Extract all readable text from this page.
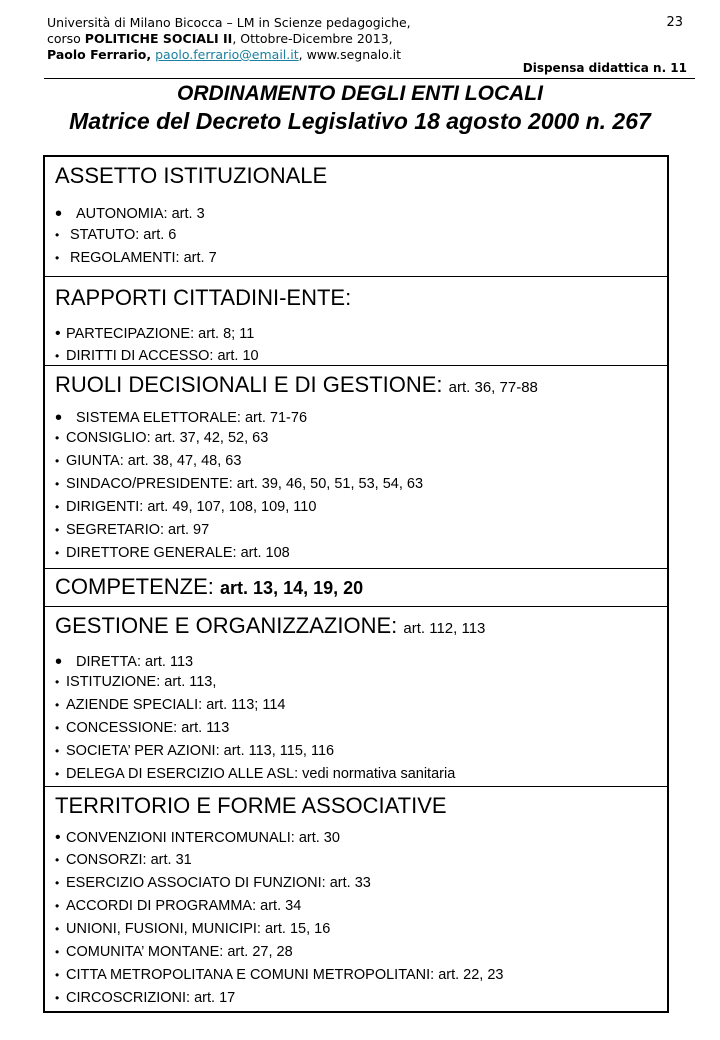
Università di Milano Bicocca – LM in Scienze pedagogiche,
corso POLITICHE SOCIALI II, Ottobre-Dicembre 2013,
Paolo Ferrario, paolo.ferrario@email.it, www.segnalo.it
23
Dispensa didattica n. 11
ORDINAMENTO DEGLI ENTI LOCALI
Matrice del Decreto Legislativo 18 agosto 2000 n. 267
ASSETTO ISTITUZIONALE
• AUTONOMIA: art. 3
• STATUTO: art. 6
• REGOLAMENTI: art. 7
RAPPORTI CITTADINI-ENTE:
• PARTECIPAZIONE: art. 8; 11
• DIRITTI DI ACCESSO: art. 10
RUOLI DECISIONALI E DI GESTIONE: art. 36, 77-88
• SISTEMA ELETTORALE: art. 71-76
• CONSIGLIO: art. 37, 42, 52, 63
• GIUNTA: art. 38, 47, 48, 63
• SINDACO/PRESIDENTE: art. 39, 46, 50, 51, 53, 54, 63
• DIRIGENTI: art. 49, 107, 108, 109, 110
• SEGRETARIO: art. 97
• DIRETTORE GENERALE: art. 108
COMPETENZE: art. 13, 14, 19, 20
GESTIONE E ORGANIZZAZIONE: art. 112, 113
• DIRETTA: art. 113
• ISTITUZIONE: art. 113,
• AZIENDE SPECIALI: art. 113; 114
• CONCESSIONE: art. 113
• SOCIETA’ PER AZIONI: art. 113, 115, 116
• DELEGA DI ESERCIZIO ALLE ASL: vedi normativa sanitaria
TERRITORIO E FORME ASSOCIATIVE
• CONVENZIONI INTERCOMUNALI: art. 30
• CONSORZI: art. 31
• ESERCIZIO ASSOCIATO DI FUNZIONI: art. 33
• ACCORDI DI PROGRAMMA: art. 34
• UNIONI, FUSIONI, MUNICIPI: art. 15, 16
• COMUNITA’ MONTANE: art. 27, 28
• CITTA METROPOLITANA E COMUNI METROPOLITANI: art. 22, 23
• CIRCOSCRIZIONI: art. 17
